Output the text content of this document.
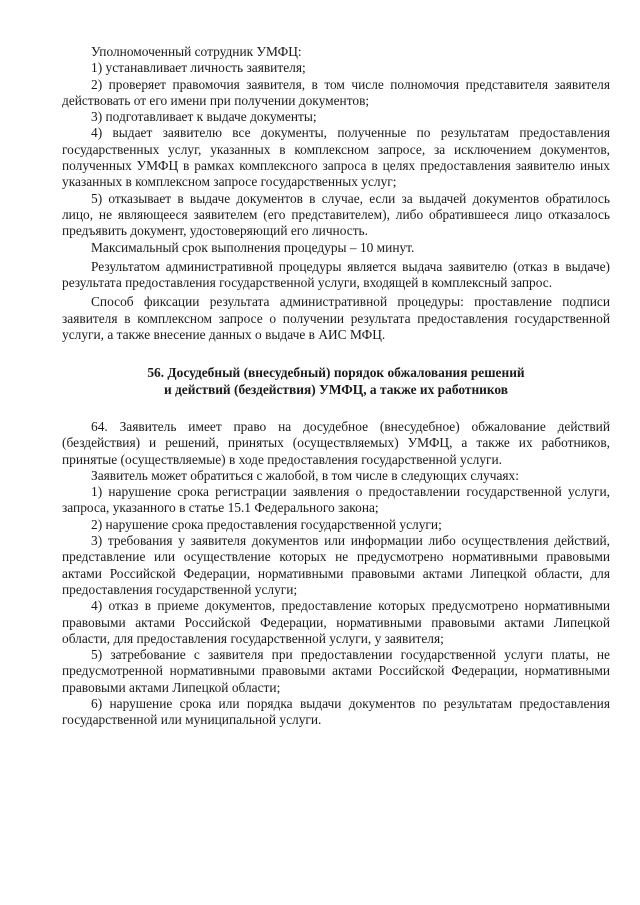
Уполномоченный сотрудник УМФЦ:

1) устанавливает личность заявителя;

2) проверяет правомочия заявителя, в том числе полномочия представителя заявителя действовать от его имени при получении документов;

3) подготавливает к выдаче документы;

4) выдает заявителю все документы, полученные по результатам предоставления государственных услуг, указанных в комплексном запросе, за исключением документов, полученных УМФЦ в рамках комплексного запроса в целях предоставления заявителю иных указанных в комплексном запросе государственных услуг;

5) отказывает в выдаче документов в случае, если за выдачей документов обратилось лицо, не являющееся заявителем (его представителем), либо обратившееся лицо отказалось предъявить документ, удостоверяющий его личность.

Максимальный срок выполнения процедуры – 10 минут.

Результатом административной процедуры является выдача заявителю (отказ в выдаче) результата предоставления государственной услуги, входящей в комплексный запрос.

Способ фиксации результата административной процедуры: проставление подписи заявителя в комплексном запросе о получении результата предоставления государственной услуги, а также внесение данных о выдаче в АИС МФЦ.

56. Досудебный (внесудебный) порядок обжалования решений
и действий (бездействия) УМФЦ, а также их работников

64. Заявитель имеет право на досудебное (внесудебное) обжалование действий (бездействия) и решений, принятых (осуществляемых) УМФЦ, а также их работников, принятые (осуществляемые) в ходе предоставления государственной услуги.

Заявитель может обратиться с жалобой, в том числе в следующих случаях:

1) нарушение срока регистрации заявления о предоставлении государственной услуги, запроса, указанного в статье 15.1 Федерального закона;

2) нарушение срока предоставления государственной услуги;

3) требования у заявителя документов или информации либо осуществления действий, представление или осуществление которых не предусмотрено нормативными правовыми актами Российской Федерации, нормативными правовыми актами Липецкой области, для предоставления государственной услуги;

4) отказ в приеме документов, предоставление которых предусмотрено нормативными правовыми актами Российской Федерации, нормативными правовыми актами Липецкой области, для предоставления государственной услуги, у заявителя;

5) затребование с заявителя при предоставлении государственной услуги платы, не предусмотренной нормативными правовыми актами Российской Федерации, нормативными правовыми актами Липецкой области;

6) нарушение срока или порядка выдачи документов по результатам предоставления государственной или муниципальной услуги.
